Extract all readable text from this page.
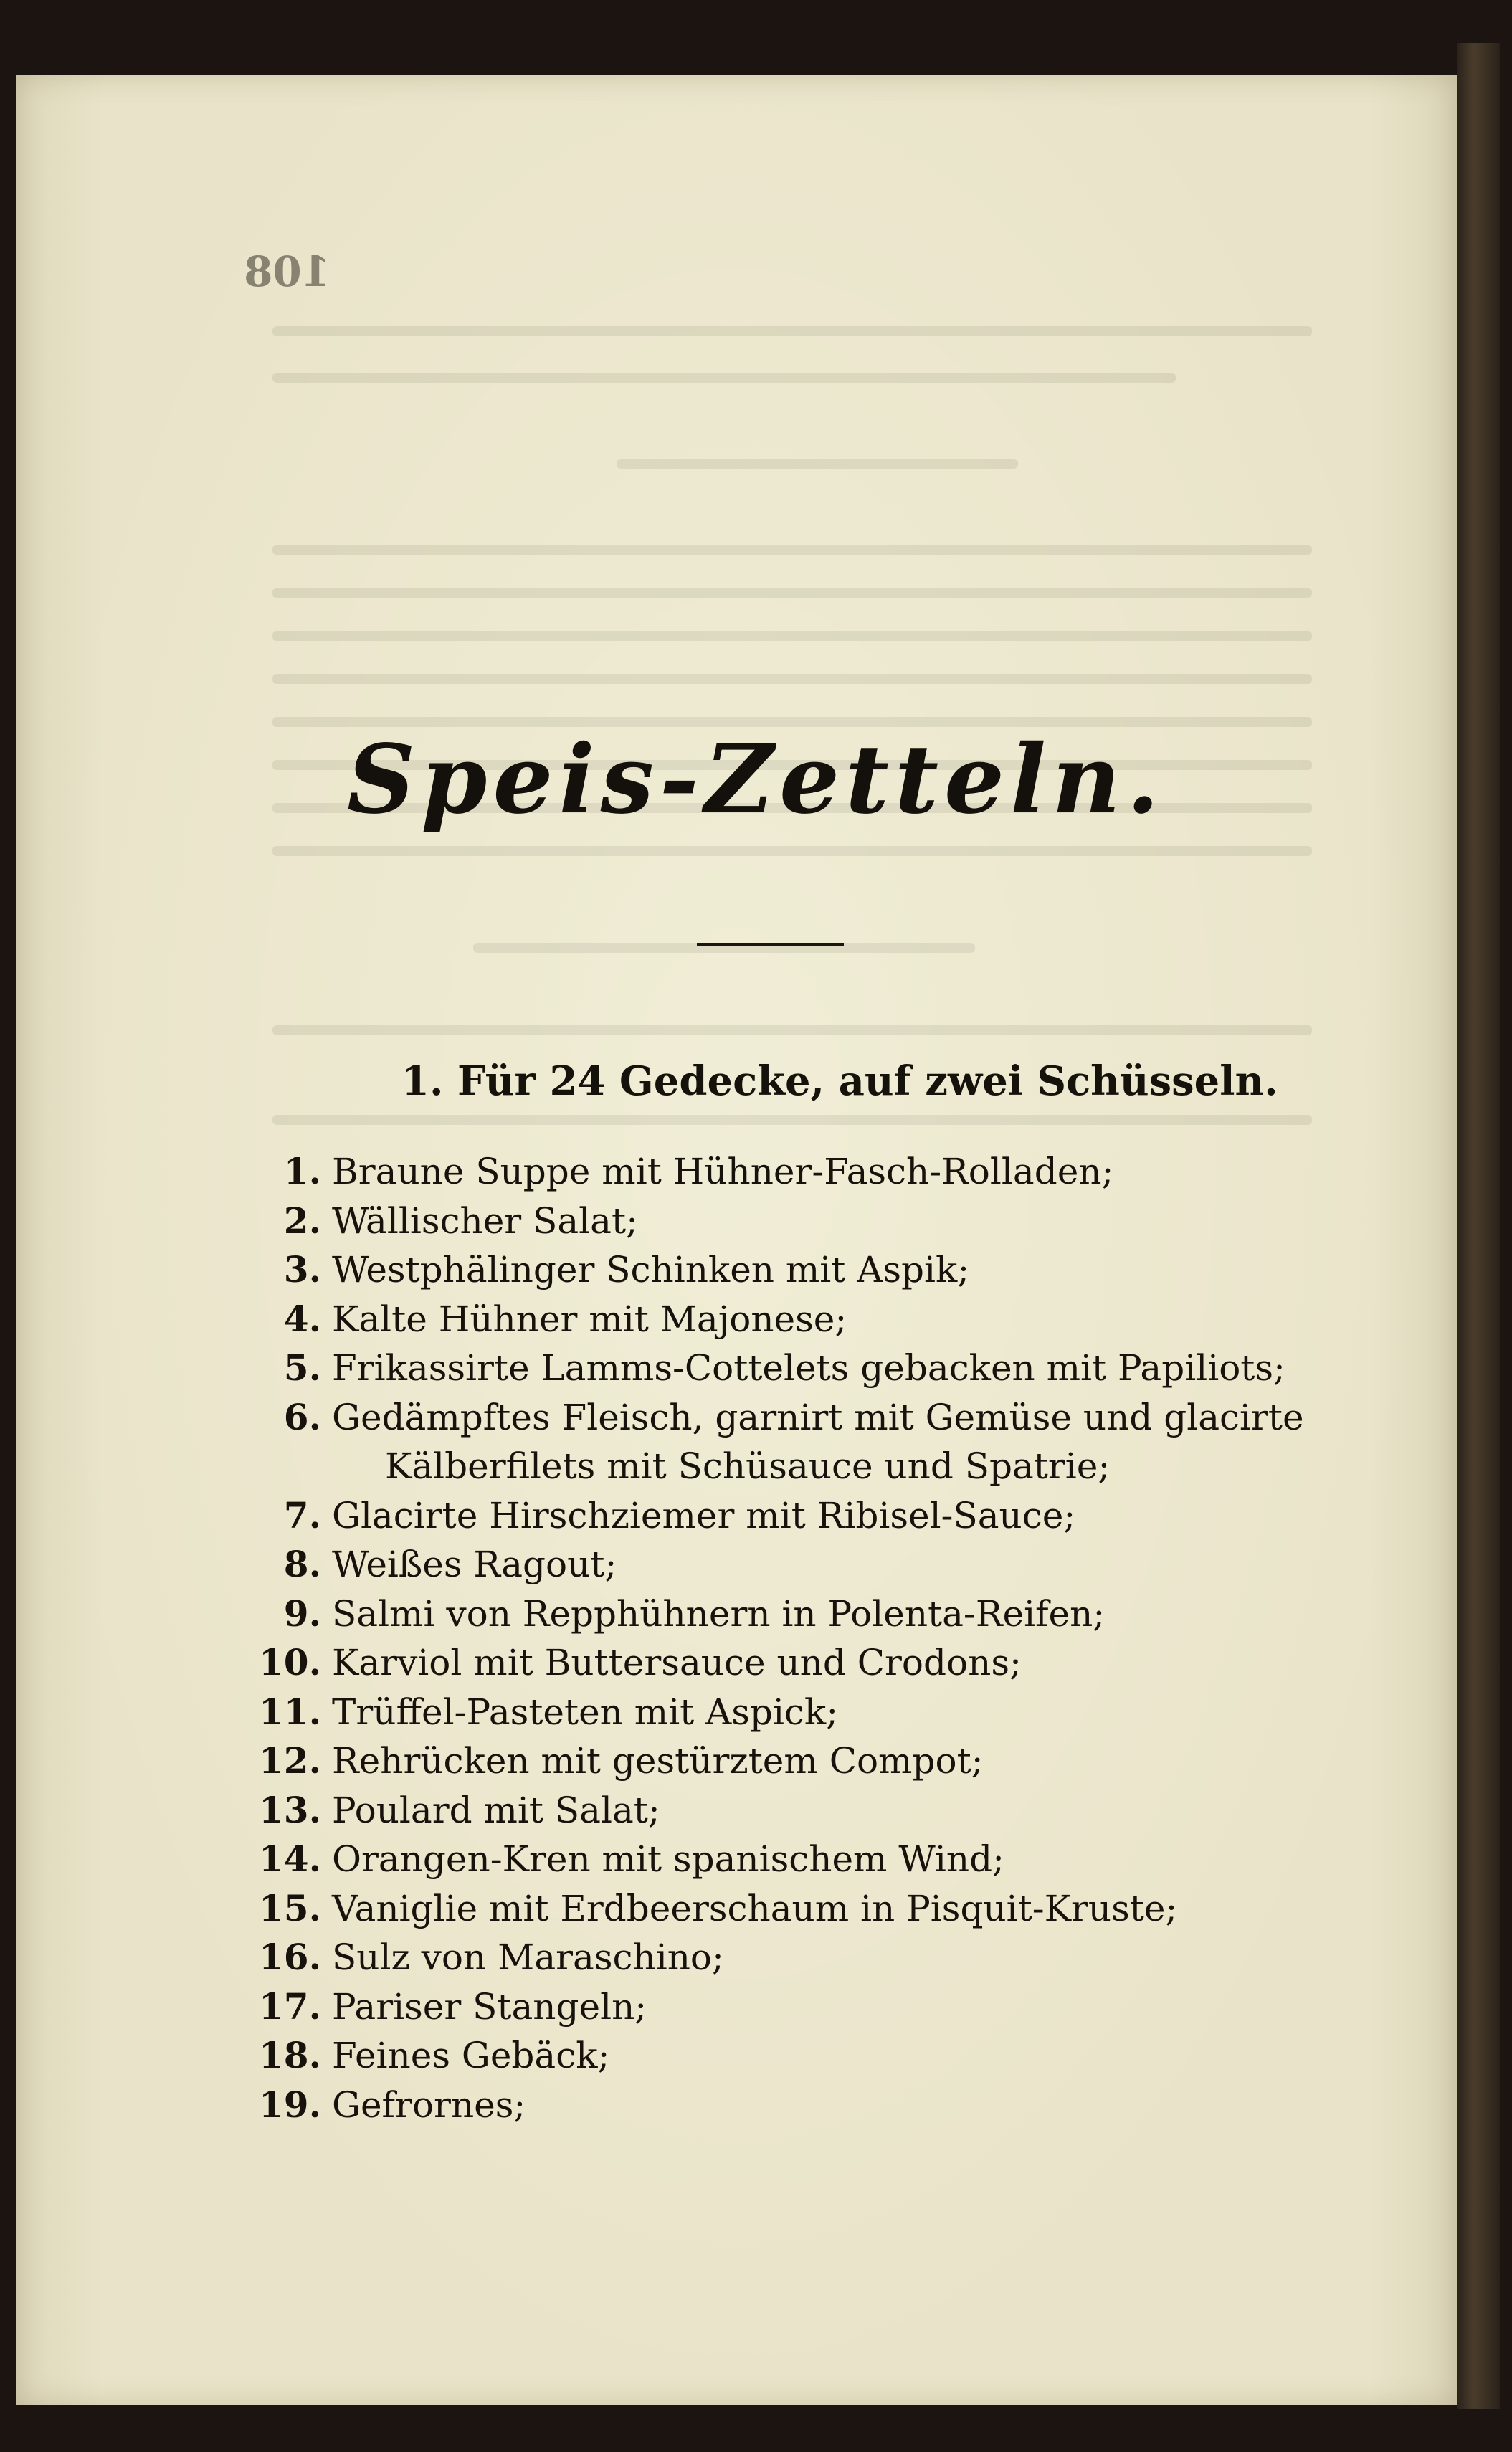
108
Speis-Zetteln.
1. Für 24 Gedecke, auf zwei Schüsseln.
1. Braune Suppe mit Hühner-Fasch-Rolladen;
2. Wällischer Salat;
3. Westphälinger Schinken mit Aspik;
4. Kalte Hühner mit Majonese;
5. Frikassirte Lamms-Cottelets gebacken mit Papiliots;
6. Gedämpftes Fleisch, garnirt mit Gemüse und glacirte
Kälberfilets mit Schüsauce und Spatrie;
7. Glacirte Hirschziemer mit Ribisel-Sauce;
8. Weißes Ragout;
9. Salmi von Repphühnern in Polenta-Reifen;
10. Karviol mit Buttersauce und Crodons;
11. Trüffel-Pasteten mit Aspick;
12. Rehrücken mit gestürztem Compot;
13. Poulard mit Salat;
14. Orangen-Kren mit spanischem Wind;
15. Vaniglie mit Erdbeerschaum in Pisquit-Kruste;
16. Sulz von Maraschino;
17. Pariser Stangeln;
18. Feines Gebäck;
19. Gefrornes;
